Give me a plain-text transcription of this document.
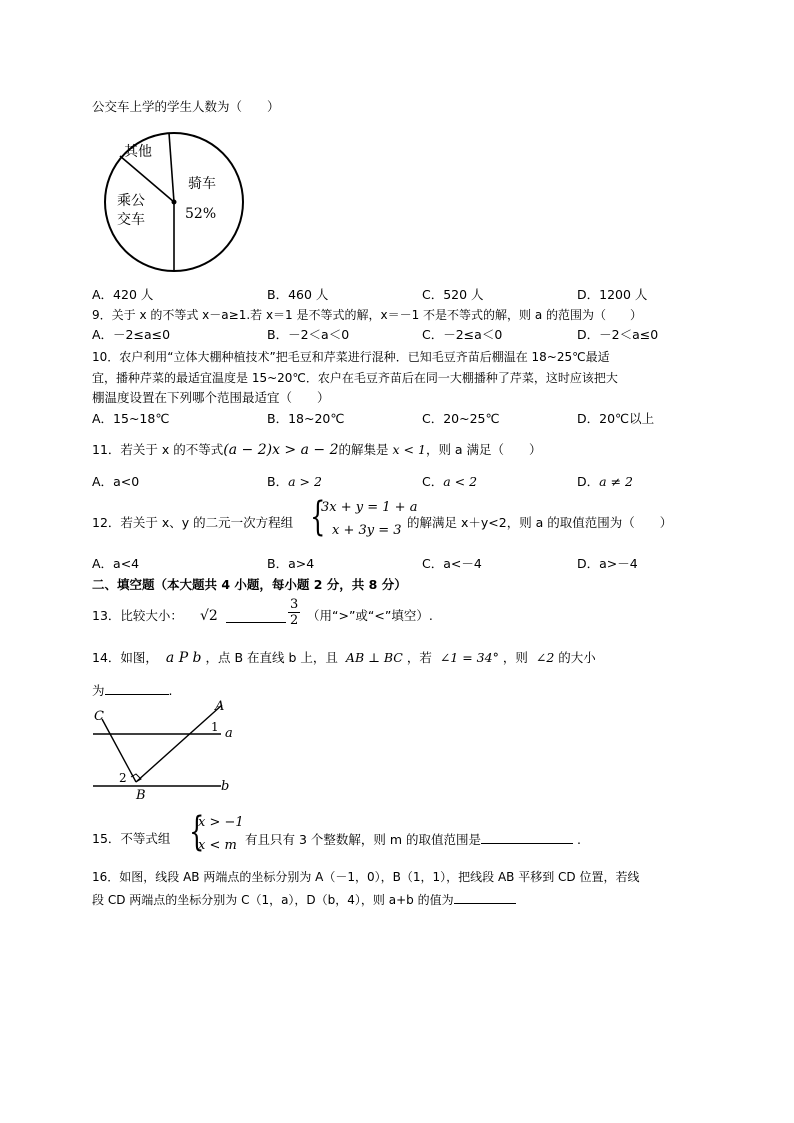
公交车上学的学生人数为（　　）
其他
乘公
交车
骑车
52%
A．420 人	B．460 人	C．520 人	D．1200 人
9．关于 x 的不等式 x－a≥1.若 x＝1 是不等式的解，x＝－1 不是不等式的解，则 a 的范围为（　　）
A．－2≤a≤0	B．－2＜a＜0	C．－2≤a＜0	D．－2＜a≤0
10．农户利用“立体大棚种植技术”把毛豆和芹菜进行混种．已知毛豆齐苗后棚温在 18~25℃最适
宜，播种芹菜的最适宜温度是 15~20℃．农户在毛豆齐苗后在同一大棚播种了芹菜，这时应该把大
棚温度设置在下列哪个范围最适宜（　　）
A．15~18℃	B．18~20℃	C．20~25℃	D．20℃以上
11．若关于 x 的不等式(a − 2)x > a − 2的解集是 x < 1，则 a 满足（　　）
A．a<0	B．a > 2	C．a < 2	D．a ≠ 2
12．若关于 x、y 的二元一次方程组 {
3x + y = 1 + a
x + 3y = 3
的解满足 x＋y<2，则 a 的取值范围为（　　）
A．a<4	B．a>4	C．a<－4	D．a>－4
二、填空题（本大题共 4 小题，每小题 2 分，共 8 分）
13．比较大小： √2	$\frac{3}{2}$ （用“>”或“<”填空）.
14．如图， a P b ，点 B 在直线 b 上，且 AB ⊥ BC ，若 ∠1 = 34° ，则 ∠2 的大小
为	.
C
A
1 a
2
B
b
15．不等式组 {
x > −1
x < m 有且只有 3 个整数解，则 m 的取值范围是	.
16．如图，线段 AB 两端点的坐标分别为 A（－1，0），B（1，1），把线段 AB 平移到 CD 位置，若线
段 CD 两端点的坐标分别为 C（1，a），D（b，4），则 a+b 的值为
